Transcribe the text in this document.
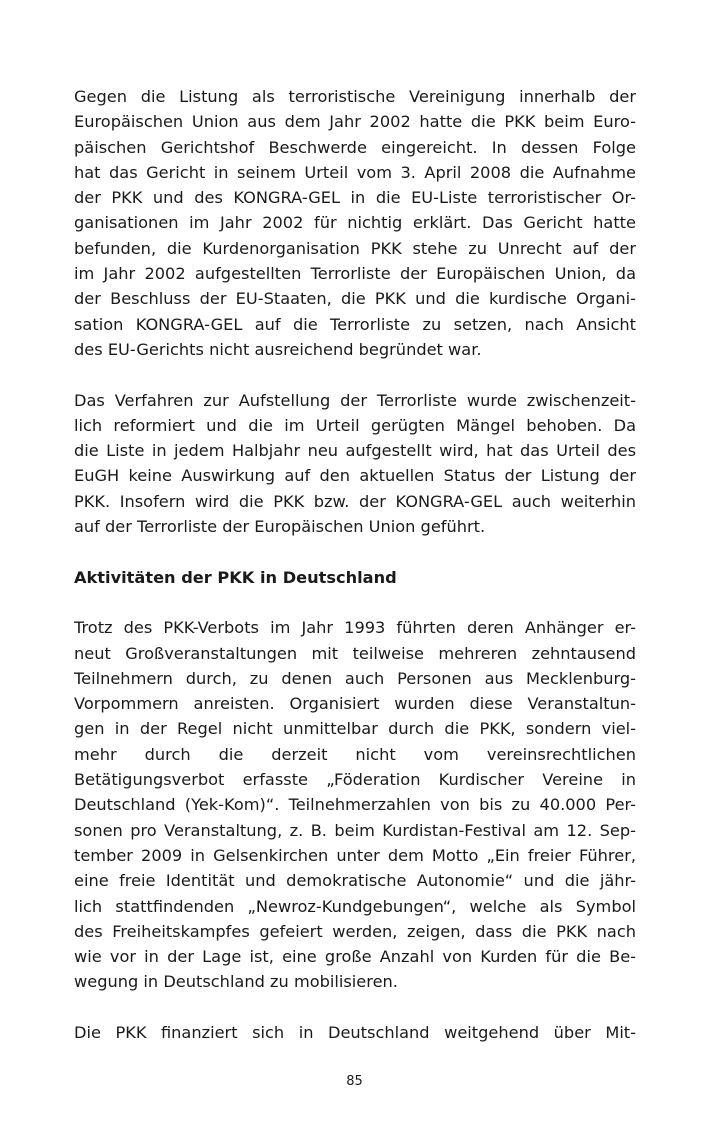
Gegen die Listung als terroristische Vereinigung innerhalb der
Europäischen Union aus dem Jahr 2002 hatte die PKK beim Euro-
päischen Gerichtshof Beschwerde eingereicht. In dessen Folge
hat das Gericht in seinem Urteil vom 3. April 2008 die Aufnahme
der PKK und des KONGRA-GEL in die EU-Liste terroristischer Or-
ganisationen im Jahr 2002 für nichtig erklärt. Das Gericht hatte
befunden, die Kurdenorganisation PKK stehe zu Unrecht auf der
im Jahr 2002 aufgestellten Terrorliste der Europäischen Union, da
der Beschluss der EU-Staaten, die PKK und die kurdische Organi-
sation KONGRA-GEL auf die Terrorliste zu setzen, nach Ansicht
des EU-Gerichts nicht ausreichend begründet war.
Das Verfahren zur Aufstellung der Terrorliste wurde zwischenzeit-
lich reformiert und die im Urteil gerügten Mängel behoben. Da
die Liste in jedem Halbjahr neu aufgestellt wird, hat das Urteil des
EuGH keine Auswirkung auf den aktuellen Status der Listung der
PKK. Insofern wird die PKK bzw. der KONGRA-GEL auch weiterhin
auf der Terrorliste der Europäischen Union geführt.
Aktivitäten der PKK in Deutschland
Trotz des PKK-Verbots im Jahr 1993 führten deren Anhänger er-
neut Großveranstaltungen mit teilweise mehreren zehntausend
Teilnehmern durch, zu denen auch Personen aus Mecklenburg-
Vorpommern anreisten. Organisiert wurden diese Veranstaltun-
gen in der Regel nicht unmittelbar durch die PKK, sondern viel-
mehr durch die derzeit nicht vom vereinsrechtlichen
Betätigungsverbot erfasste „Föderation Kurdischer Vereine in
Deutschland (Yek-Kom)“. Teilnehmerzahlen von bis zu 40.000 Per-
sonen pro Veranstaltung, z. B. beim Kurdistan-Festival am 12. Sep-
tember 2009 in Gelsenkirchen unter dem Motto „Ein freier Führer,
eine freie Identität und demokratische Autonomie“ und die jähr-
lich stattfindenden „Newroz-Kundgebungen“, welche als Symbol
des Freiheitskampfes gefeiert werden, zeigen, dass die PKK nach
wie vor in der Lage ist, eine große Anzahl von Kurden für die Be-
wegung in Deutschland zu mobilisieren.
Die PKK finanziert sich in Deutschland weitgehend über Mit-
85
